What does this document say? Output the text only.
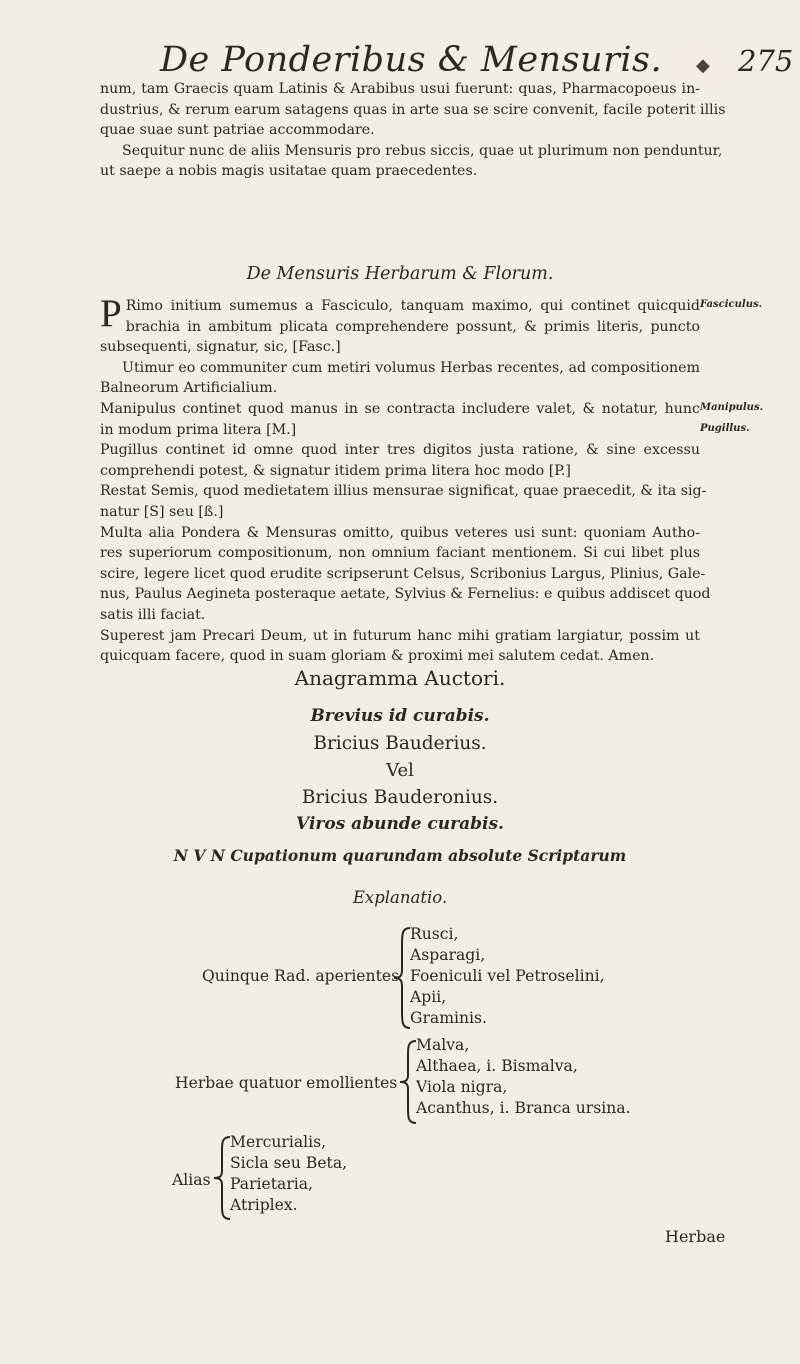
De Ponderibus & Mensuris. ◆ 275
num, tam Graecis quam Latinis & Arabibus usui fuerunt: quas, Pharmacopoeus in-
dustrius, & rerum earum satagens quas in arte sua se scire convenit, facile poterit illis
quae suae sunt patriae accommodare.
Sequitur nunc de aliis Mensuris pro rebus siccis, quae ut plurimum non penduntur,
ut saepe a nobis magis usitatae quam praecedentes.
De Mensuris Herbarum & Florum.
P Rimo initium sumemus a Fasciculo, tanquam maximo, qui continet quicquid
brachia in ambitum plicata comprehendere possunt, & primis literis, puncto
subsequenti, signatur, sic, [Fasc.]
Utimur eo communiter cum metiri volumus Herbas recentes, ad compositionem
Balneorum Artificialium.
Manipulus continet quod manus in se contracta includere valet, & notatur, hunc
in modum prima litera [M.]
Pugillus continet id omne quod inter tres digitos justa ratione, & sine excessu
comprehendi potest, & signatur itidem prima litera hoc modo [P.]
Restat Semis, quod medietatem illius mensurae significat, quae praecedit, & ita sig-
natur [S] seu [ß.]
Multa alia Pondera & Mensuras omitto, quibus veteres usi sunt: quoniam Autho-
res superiorum compositionum, non omnium faciant mentionem. Si cui libet plus
scire, legere licet quod erudite scripserunt Celsus, Scribonius Largus, Plinius, Gale-
nus, Paulus Aegineta posteraque aetate, Sylvius & Fernelius: e quibus addiscet quod
satis illi faciat.
Superest jam Precari Deum, ut in futurum hanc mihi gratiam largiatur, possim ut
quicquam facere, quod in suam gloriam & proximi mei salutem cedat. Amen.
Fasciculus.
Manipulus.
Pugillus.
Anagramma Auctori.
Brevius id curabis.
Bricius Bauderius.
Vel
Bricius Bauderonius.
Viros abunde curabis.
N V N Cupationum quarundam absolute Scriptarum
Explanatio.
Quinque Rad. aperientes
Rusci,
Asparagi,
Foeniculi vel Petroselini,
Apii,
Graminis.
Herbae quatuor emollientes
Malva,
Althaea, i. Bismalva,
Viola nigra,
Acanthus, i. Branca ursina.
Alias
Mercurialis,
Sicla seu Beta,
Parietaria,
Atriplex.
Herbae
